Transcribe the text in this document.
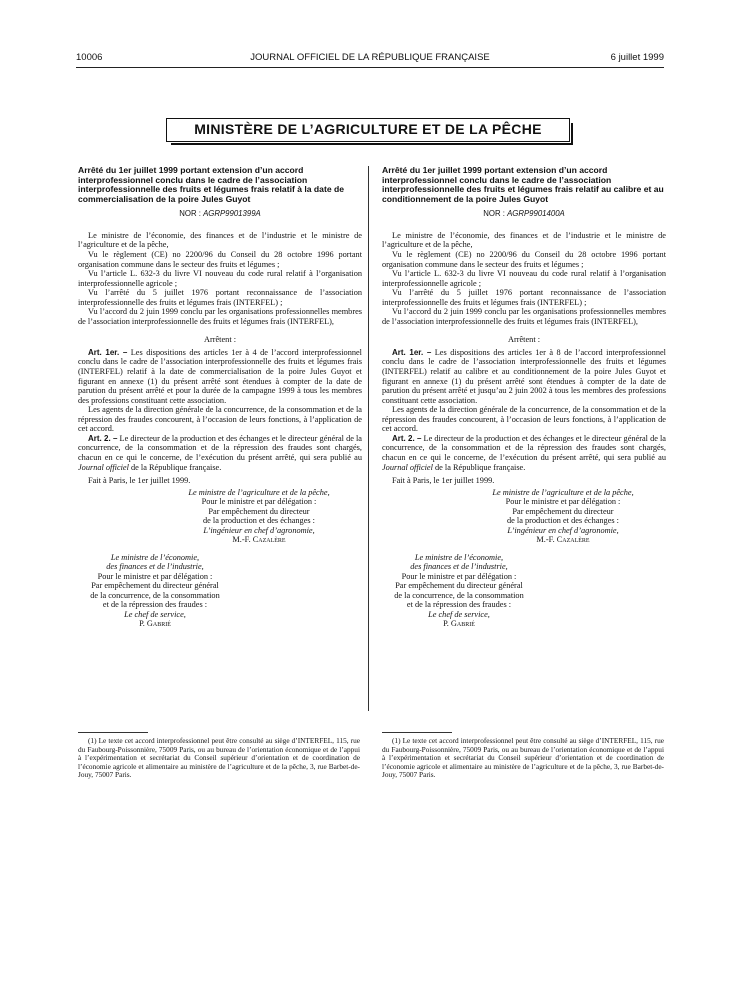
10006	JOURNAL OFFICIEL DE LA RÉPUBLIQUE FRANÇAISE	6 juillet 1999
MINISTÈRE DE L’AGRICULTURE ET DE LA PÊCHE
Arrêté du 1er juillet 1999 portant extension d’un accord interprofessionnel conclu dans le cadre de l’association interprofessionnelle des fruits et légumes frais relatif à la date de commercialisation de la poire Jules Guyot
NOR : AGRP9901399A

Le ministre de l’économie, des finances et de l’industrie et le ministre de l’agriculture et de la pêche,

Vu le règlement (CE) no 2200/96 du Conseil du 28 octobre 1996 portant organisation commune dans le secteur des fruits et légumes ;

Vu l’article L. 632-3 du livre VI nouveau du code rural relatif à l’organisation interprofessionnelle agricole ;

Vu l’arrêté du 5 juillet 1976 portant reconnaissance de l’association interprofessionnelle des fruits et légumes frais (INTERFEL) ;

Vu l’accord du 2 juin 1999 conclu par les organisations professionnelles membres de l’association interprofessionnelle des fruits et légumes frais (INTERFEL),

Arrêtent :

Art. 1er. – Les dispositions des articles 1er à 4 de l’accord interprofessionnel conclu dans le cadre de l’association interprofessionnelle des fruits et légumes frais (INTERFEL) relatif à la date de commercialisation de la poire Jules Guyot et figurant en annexe (1) du présent arrêté sont étendues à compter de la date de parution du présent arrêté et pour la durée de la campagne 1999 à tous les membres des professions constituant cette association.

Les agents de la direction générale de la concurrence, de la consommation et de la répression des fraudes concourent, à l’occasion de leurs fonctions, à l’application de cet accord.

Art. 2. – Le directeur de la production et des échanges et le directeur général de la concurrence, de la consommation et de la répression des fraudes sont chargés, chacun en ce qui le concerne, de l’exécution du présent arrêté, qui sera publié au Journal officiel de la République française.

Fait à Paris, le 1er juillet 1999.

Le ministre de l’agriculture et de la pêche,
Pour le ministre et par délégation :
Par empêchement du directeur
de la production et des échanges :
L’ingénieur en chef d’agronomie,
M.-F. Cazalère
Le ministre de l’économie,
des finances et de l’industrie,
Pour le ministre et par délégation :
Par empêchement du directeur général
de la concurrence, de la consommation
et de la répression des fraudes :
Le chef de service,
P. Gabrié
Arrêté du 1er juillet 1999 portant extension d’un accord interprofessionnel conclu dans le cadre de l’association interprofessionnelle des fruits et légumes frais relatif au calibre et au conditionnement de la poire Jules Guyot
NOR : AGRP9901400A

Le ministre de l’économie, des finances et de l’industrie et le ministre de l’agriculture et de la pêche,

Vu le règlement (CE) no 2200/96 du Conseil du 28 octobre 1996 portant organisation commune dans le secteur des fruits et légumes ;

Vu l’article L. 632-3 du livre VI nouveau du code rural relatif à l’organisation interprofessionnelle agricole ;

Vu l’arrêté du 5 juillet 1976 portant reconnaissance de l’association interprofessionnelle des fruits et légumes frais (INTERFEL) ;

Vu l’accord du 2 juin 1999 conclu par les organisations professionnelles membres de l’association interprofessionnelle des fruits et légumes frais (INTERFEL),

Arrêtent :

Art. 1er. – Les dispositions des articles 1er à 8 de l’accord interprofessionnel conclu dans le cadre de l’association interprofessionnelle des fruits et légumes (INTERFEL) relatif au calibre et au conditionnement de la poire Jules Guyot et figurant en annexe (1) du présent arrêté sont étendues à compter de la date de parution du présent arrêté et jusqu’au 2 juin 2002 à tous les membres des professions constituant cette association.

Les agents de la direction générale de la concurrence, de la consommation et de la répression des fraudes concourent, à l’occasion de leurs fonctions, à l’application de cet accord.

Art. 2. – Le directeur de la production et des échanges et le directeur général de la concurrence, de la consommation et de la répression des fraudes sont chargés, chacun en ce qui le concerne, de l’exécution du présent arrêté, qui sera publié au Journal officiel de la République française.

Fait à Paris, le 1er juillet 1999.

Le ministre de l’agriculture et de la pêche,
Pour le ministre et par délégation :
Par empêchement du directeur
de la production et des échanges :
L’ingénieur en chef d’agronomie,
M.-F. Cazalère
Le ministre de l’économie,
des finances et de l’industrie,
Pour le ministre et par délégation :
Par empêchement du directeur général
de la concurrence, de la consommation
et de la répression des fraudes :
Le chef de service,
P. Gabrié
(1) Le texte cet accord interprofessionnel peut être consulté au siège d’INTERFEL, 115, rue du Faubourg-Poissonnière, 75009 Paris, ou au bureau de l’orientation économique et de l’appui à l’expérimentation et secrétariat du Conseil supérieur d’orientation et de coordination de l’économie agricole et alimentaire au ministère de l’agriculture et de la pêche, 3, rue Barbet-de-Jouy, 75007 Paris.
(1) Le texte cet accord interprofessionnel peut être consulté au siège d’INTERFEL, 115, rue du Faubourg-Poissonnière, 75009 Paris, ou au bureau de l’orientation économique et de l’appui à l’expérimentation et secrétariat du Conseil supérieur d’orientation et de coordination de l’économie agricole et alimentaire au ministère de l’agriculture et de la pêche, 3, rue Barbet-de-Jouy, 75007 Paris.
